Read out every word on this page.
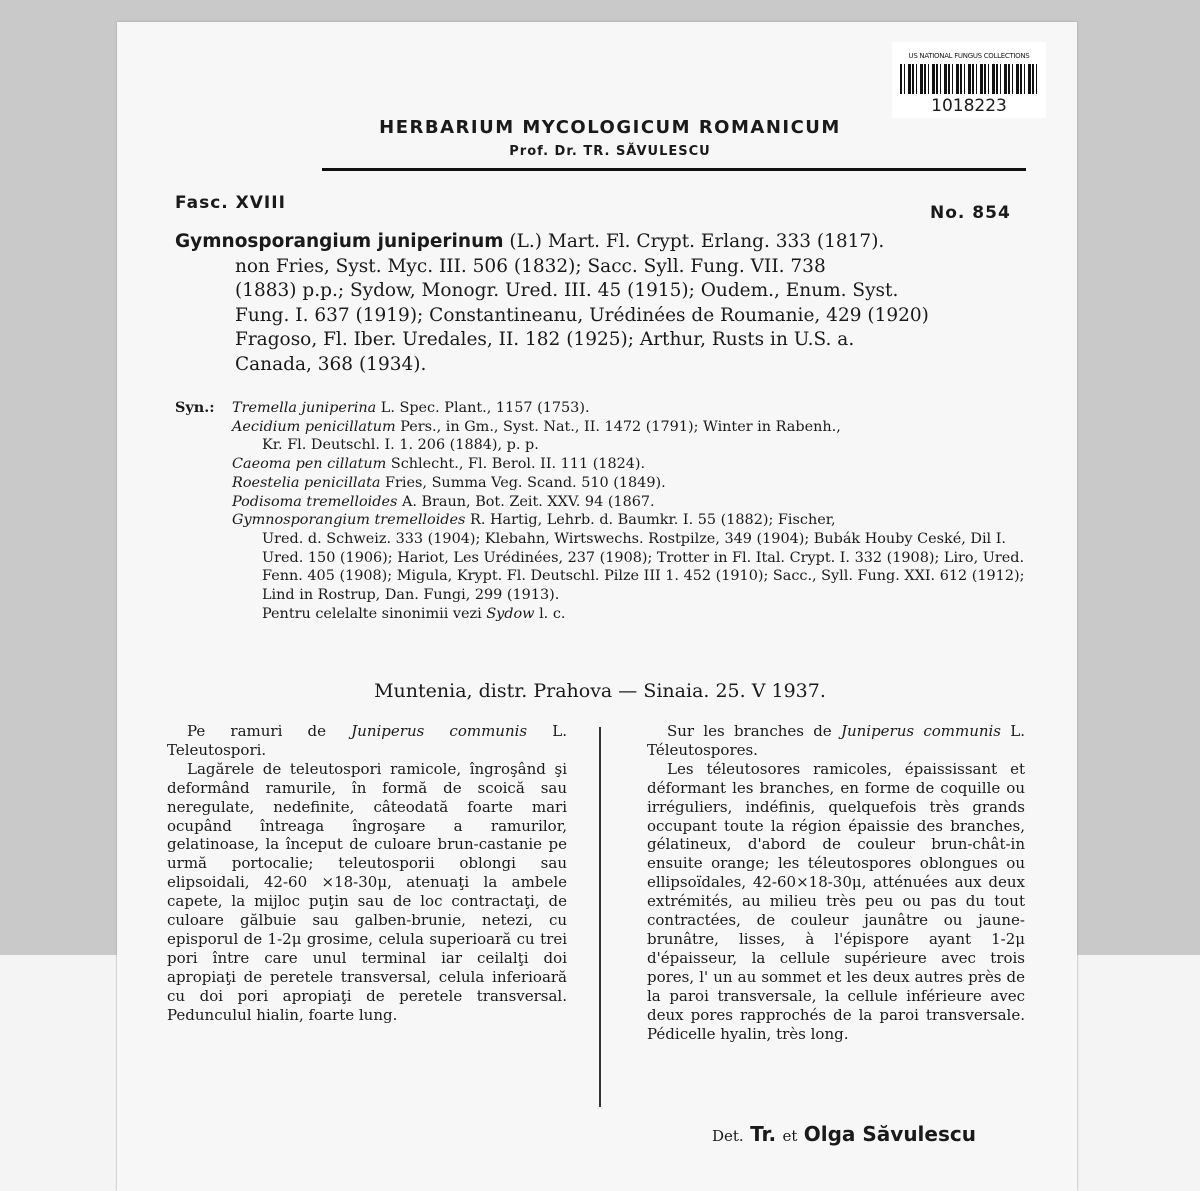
US NATIONAL FUNGUS COLLECTIONS
1018223
HERBARIUM MYCOLOGICUM ROMANICUM
Prof. Dr. TR. SĂVULESCU
Fasc. XVIII	No. 854
Gymnosporangium juniperinum (L.) Mart. Fl. Crypt. Erlang. 333 (1817).
non Fries, Syst. Myc. III. 506 (1832); Sacc. Syll. Fung. VII. 738
(1883) p.p.; Sydow, Monogr. Ured. III. 45 (1915); Oudem., Enum. Syst.
Fung. I. 637 (1919); Constantineanu, Urédinées de Roumanie, 429 (1920)
Fragoso, Fl. Iber. Uredales, II. 182 (1925); Arthur, Rusts in U.S. a.
Canada, 368 (1934).
Syn.: Tremella juniperina L. Spec. Plant., 1157 (1753).

Aecidium penicillatum Pers., in Gm., Syst. Nat., II. 1472 (1791); Winter in Rabenh.,

Kr. Fl. Deutschl. I. 1. 206 (1884), p. p.

Caeoma pen cillatum Schlecht., Fl. Berol. II. 111 (1824).

Roestelia penicillata Fries, Summa Veg. Scand. 510 (1849).

Podisoma tremelloides A. Braun, Bot. Zeit. XXV. 94 (1867.

Gymnosporangium tremelloides R. Hartig, Lehrb. d. Baumkr. I. 55 (1882); Fischer,

Ured. d. Schweiz. 333 (1904); Klebahn, Wirtswechs. Rostpilze, 349 (1904); Bubák Houby Ceské, Dil I. Ured. 150 (1906); Hariot, Les Urédinées, 237 (1908); Trotter in Fl. Ital. Crypt. I. 332 (1908); Liro, Ured. Fenn. 405 (1908); Migula, Krypt. Fl. Deutschl. Pilze III 1. 452 (1910); Sacc., Syll. Fung. XXI. 612 (1912); Lind in Rostrup, Dan. Fungi, 299 (1913).

Pentru celelalte sinonimii vezi Sydow l. c.

Muntenia, distr. Prahova — Sinaia. 25. V 1937.

Pe ramuri de Juniperus communis L. Teleutospori.

Lagărele de teleutospori ramicole, îngroşând şi deformând ramurile, în formă de scoică sau neregulate, nedefinite, câteodată foarte mari ocupând întreaga îngroşare a ramurilor, gelatinoase, la început de culoare brun-castanie pe urmă portocalie; teleutosporii oblongi sau elipsoidali, 42-60 ×18-30μ, atenuaţi la ambele capete, la mijloc puţin sau de loc contractaţi, de culoare gălbuie sau galben-brunie, netezi, cu episporul de 1-2μ grosime, celula superioară cu trei pori între care unul terminal iar ceilalţi doi apropiaţi de peretele transversal, celula inferioară cu doi pori apropiaţi de peretele transversal. Pedunculul hialin, foarte lung.

Sur les branches de Juniperus communis L. Téleutospores.

Les téleutosores ramicoles, épaississant et déformant les branches, en forme de coquille ou irréguliers, indéfinis, quelquefois très grands occupant toute la région épaissie des branches, gélatineux, d'abord de couleur brun-chât-in ensuite orange; les téleutospores oblongues ou ellipsoïdales, 42-60×18-30μ, atténuées aux deux extrémités, au milieu très peu ou pas du tout contractées, de couleur jaunâtre ou jaune-brunâtre, lisses, à l'épispore ayant 1-2μ d'épaisseur, la cellule supérieure avec trois pores, l' un au sommet et les deux autres près de la paroi transversale, la cellule inférieure avec deux pores rapprochés de la paroi transversale. Pédicelle hyalin, très long.

Det. Tr. et Olga Săvulescu
